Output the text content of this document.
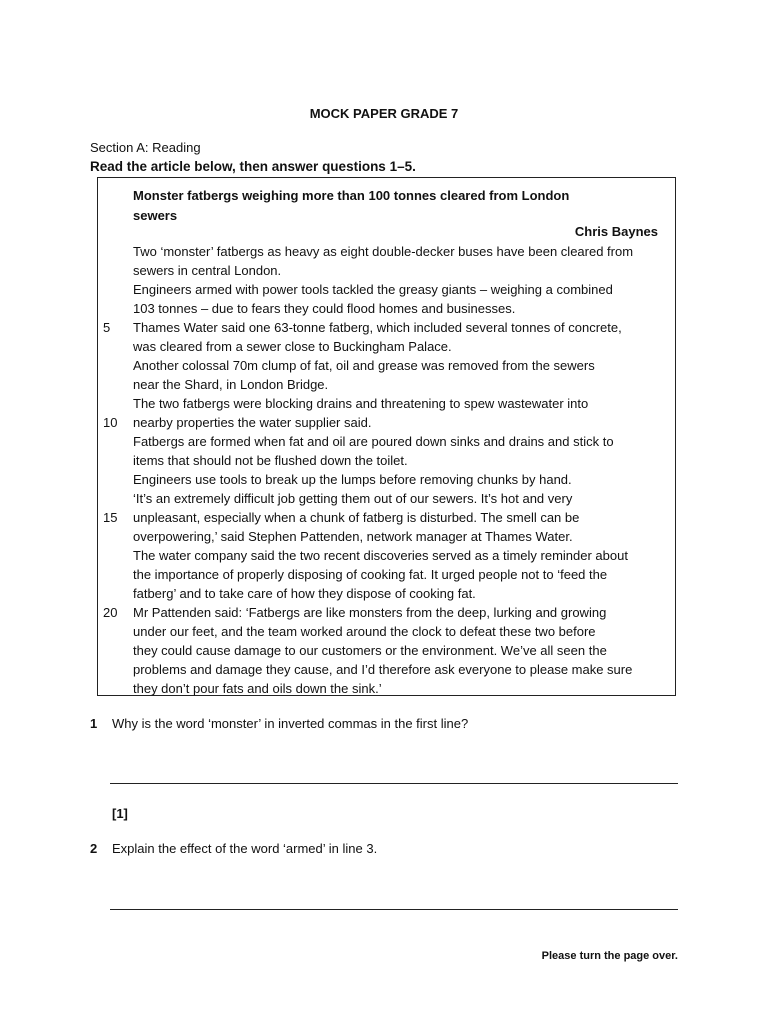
MOCK PAPER GRADE 7
Section A: Reading
Read the article below, then answer questions 1–5.
Monster fatbergs weighing more than 100 tonnes cleared from London sewers
Chris Baynes
Two ‘monster’ fatbergs as heavy as eight double-decker buses have been cleared from
sewers in central London.
Engineers armed with power tools tackled the greasy giants – weighing a combined
103 tonnes – due to fears they could flood homes and businesses.
Thames Water said one 63-tonne fatberg, which included several tonnes of concrete,
was cleared from a sewer close to Buckingham Palace.
Another colossal 70m clump of fat, oil and grease was removed from the sewers
near the Shard, in London Bridge.
The two fatbergs were blocking drains and threatening to spew wastewater into
nearby properties the water supplier said.
Fatbergs are formed when fat and oil are poured down sinks and drains and stick to
items that should not be flushed down the toilet.
Engineers use tools to break up the lumps before removing chunks by hand.
‘It’s an extremely difficult job getting them out of our sewers. It’s hot and very
unpleasant, especially when a chunk of fatberg is disturbed. The smell can be
overpowering,’ said Stephen Pattenden, network manager at Thames Water.
The water company said the two recent discoveries served as a timely reminder about
the importance of properly disposing of cooking fat. It urged people not to ‘feed the
fatberg’ and to take care of how they dispose of cooking fat.
Mr Pattenden said: ‘Fatbergs are like monsters from the deep, lurking and growing
under our feet, and the team worked around the clock to defeat these two before
they could cause damage to our customers or the environment. We’ve all seen the
problems and damage they cause, and I’d therefore ask everyone to please make sure
they don’t pour fats and oils down the sink.’
5
10
15
20
1 Why is the word ‘monster’ in inverted commas in the first line?
[1]
2 Explain the effect of the word ‘armed’ in line 3.
Please turn the page over.
